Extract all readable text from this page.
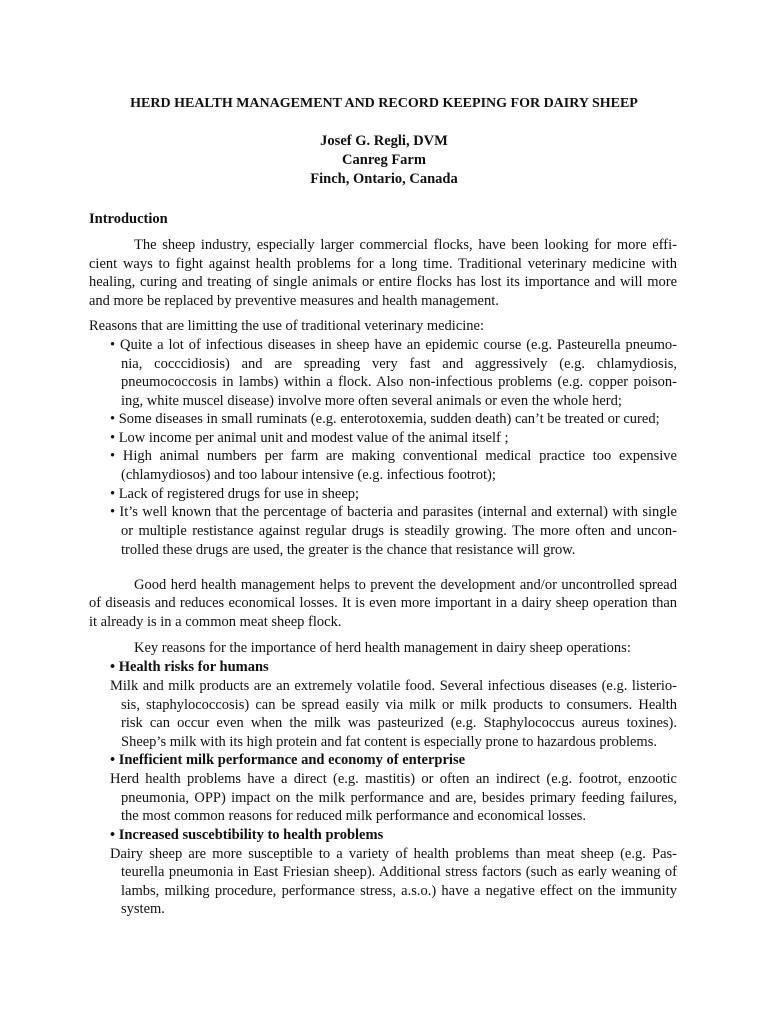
HERD HEALTH MANAGEMENT AND RECORD KEEPING FOR DAIRY SHEEP

Josef G. Regli, DVM

Canreg Farm

Finch, Ontario, Canada

Introduction

The sheep industry, especially larger commercial flocks, have been looking for more effi-

cient ways to fight against health problems for a long time. Traditional veterinary medicine with

healing, curing and treating of single animals or entire flocks has lost its importance and will more

and more be replaced by preventive measures and health management.

Reasons that are limitting the use of traditional veterinary medicine:

• Quite a lot of infectious diseases in sheep have an epidemic course (e.g. Pasteurella pneumo-

nia, cocccidiosis) and are spreading very fast and aggressively (e.g. chlamydiosis,

pneumococcosis in lambs) within a flock. Also non-infectious problems (e.g. copper poison-

ing, white muscel disease) involve more often several animals or even the whole herd;

• Some diseases in small ruminats (e.g. enterotoxemia, sudden death) can’t be treated or cured;

• Low income per animal unit and modest value of the animal itself ;

• High animal numbers per farm are making conventional medical practice too expensive

(chlamydiosos) and too labour intensive (e.g. infectious footrot);

• Lack of registered drugs for use in sheep;

• It’s well known that the percentage of bacteria and parasites (internal and external) with single

or multiple restistance against regular drugs is steadily growing. The more often and uncon-

trolled these drugs are used, the greater is the chance that resistance will grow.

Good herd health management helps to prevent the development and/or uncontrolled spread

of diseasis and reduces economical losses. It is even more important in a dairy sheep operation than

it already is in a common meat sheep flock.

Key reasons for the importance of herd health management in dairy sheep operations:

• Health risks for humans

Milk and milk products are an extremely volatile food. Several infectious diseases (e.g. listerio-

sis, staphylococcosis) can be spread easily via milk or milk products to consumers. Health

risk can occur even when the milk was pasteurized (e.g. Staphylococcus aureus toxines).

Sheep’s milk with its high protein and fat content is especially prone to hazardous problems.

• Inefficient milk performance and economy of enterprise

Herd health problems have a direct (e.g. mastitis) or often an indirect (e.g. footrot, enzootic

pneumonia, OPP) impact on the milk performance and are, besides primary feeding failures,

the most common reasons for reduced milk performance and economical losses.

• Increased suscebtibility to health problems

Dairy sheep are more susceptible to a variety of health problems than meat sheep (e.g. Pas-

teurella pneumonia in East Friesian sheep). Additional stress factors (such as early weaning of

lambs, milking procedure, performance stress, a.s.o.) have a negative effect on the immunity

system.
